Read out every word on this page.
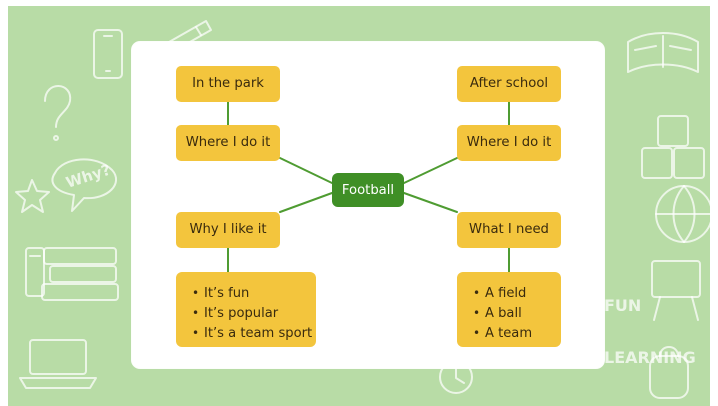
Why?
FUN
LEARNING
In the park
Where I do it
After school
Where I do it
Football
Why I like it	What I need
• It’s fun
• It’s popular
• It’s a team sport
• A field
• A ball
• A team
